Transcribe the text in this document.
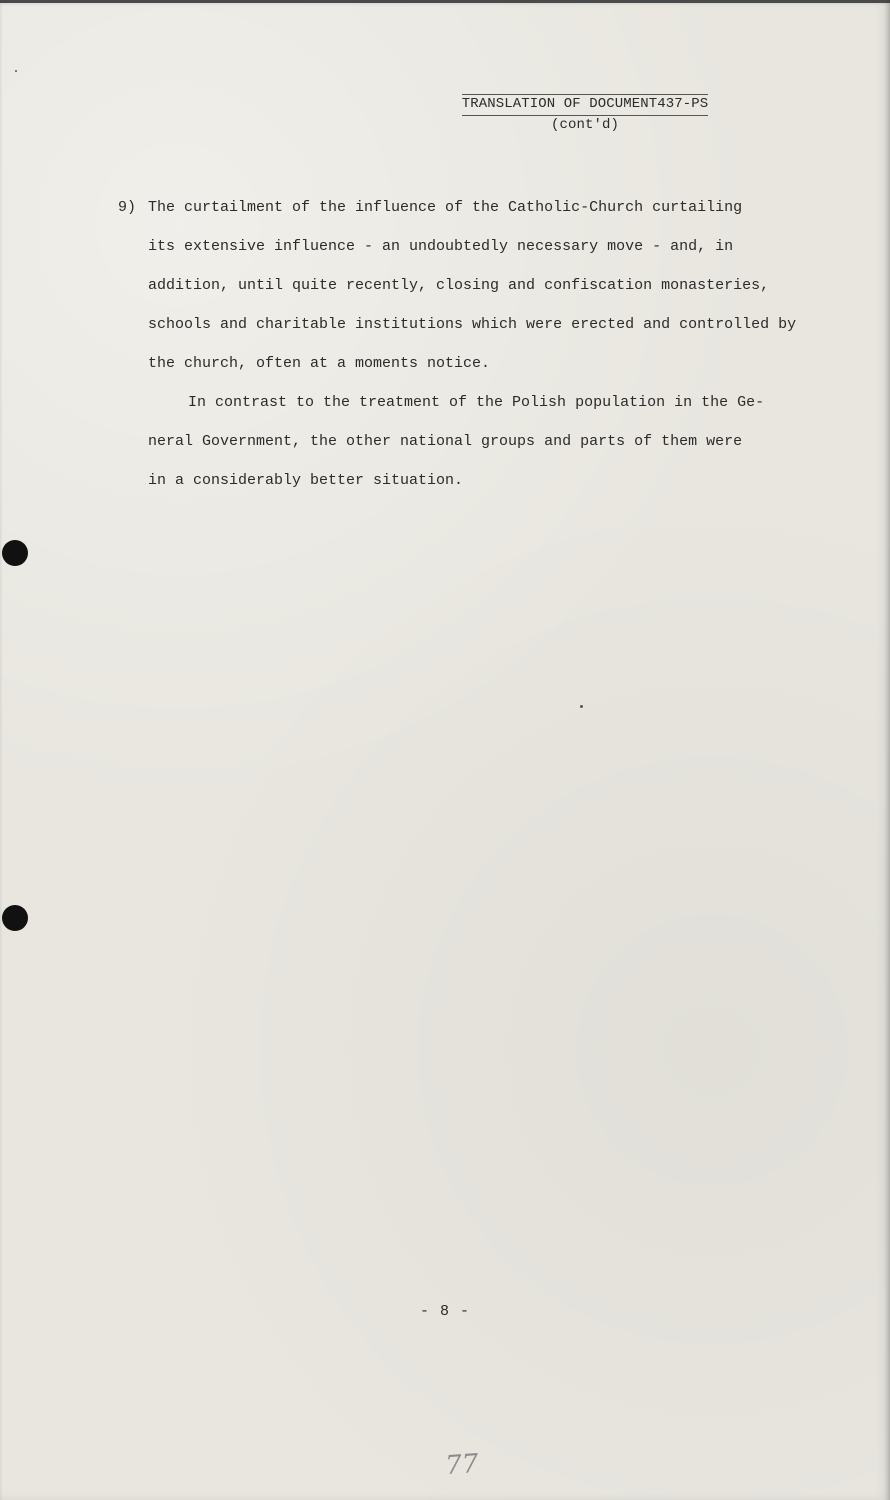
TRANSLATION OF DOCUMENT437-PS
(cont'd)
9) The curtailment of the influence of the Catholic-Church curtailing
its extensive influence - an undoubtedly necessary move - and, in
addition, until quite recently, closing and confiscation monasteries,
schools and charitable institutions which were erected and controlled by
the church, often at a moments notice.
In contrast to the treatment of the Polish population in the Ge-
neral Government, the other national groups and parts of them were
in a considerably better situation.
- 8 -
77
